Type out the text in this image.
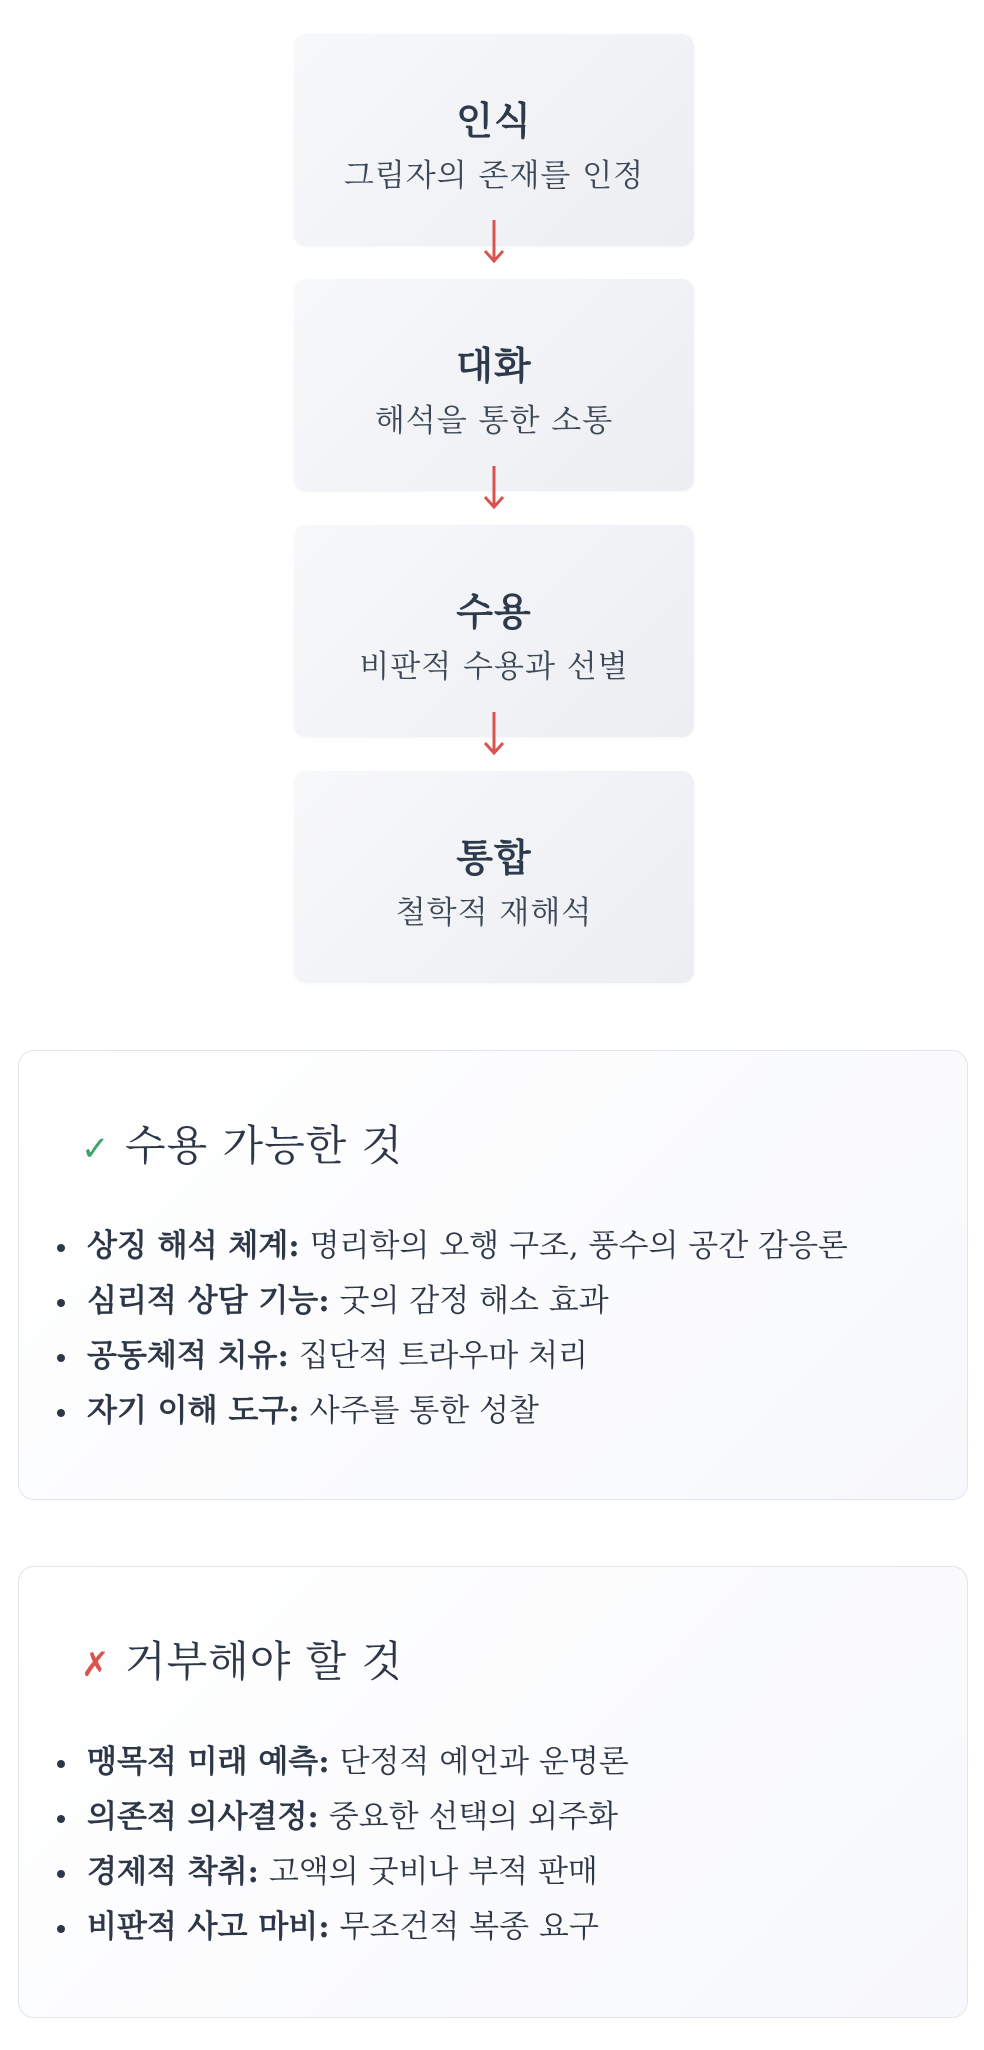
인식
그림자의 존재를 인정
대화
해석을 통한 소통
수용
비판적 수용과 선별
통합
철학적 재해석
✓ 수용 가능한 것
상징 해석 체계: 명리학의 오행 구조, 풍수의 공간 감응론
심리적 상담 기능: 굿의 감정 해소 효과
공동체적 치유: 집단적 트라우마 처리
자기 이해 도구: 사주를 통한 성찰
✗ 거부해야 할 것
맹목적 미래 예측: 단정적 예언과 운명론
의존적 의사결정: 중요한 선택의 외주화
경제적 착취: 고액의 굿비나 부적 판매
비판적 사고 마비: 무조건적 복종 요구
